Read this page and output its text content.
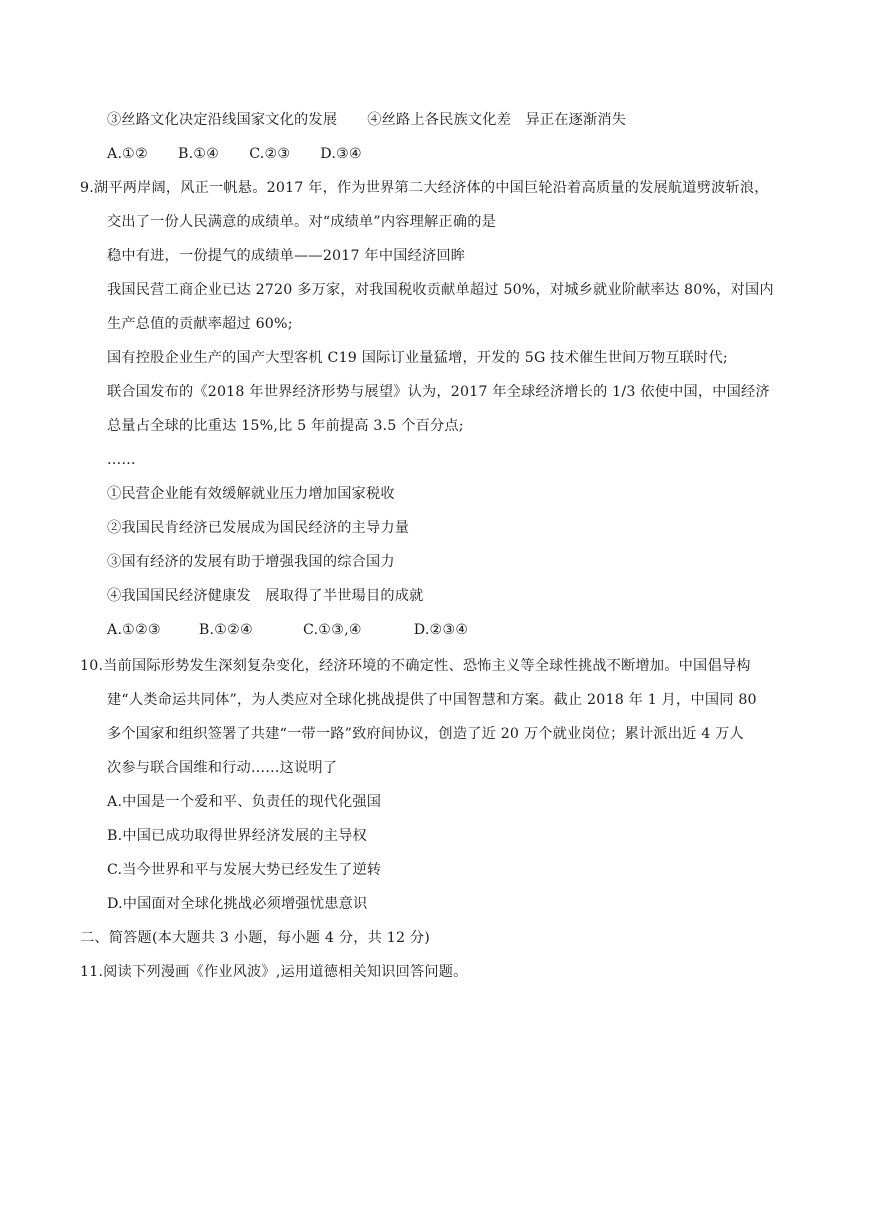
③丝路文化决定沿线国家文化的发展 ④丝路上各民族文化差　异正在逐渐消失
A.①② B.①④ C.②③ D.③④
9.湖平两岸阔，风正一帆悬。2017 年，作为世界第二大经济体的中国巨轮沿着高质量的发展航道劈波斩浪，
交出了一份人民满意的成绩单。对“成绩单”内容理解正确的是
稳中有进，一份提气的成绩单——2017 年中国经济回眸
我国民营工商企业已达 2720 多万家，对我国税收贡献单超过 50%，对城乡就业阶献率达 80%，对国内
生产总值的贡献率超过 60%;
国有控股企业生产的国产大型客机 C19 国际订业量猛增，开发的 5G 技术催生世间万物互联时代;
联合国发布的《2018 年世界经济形势与展望》认为，2017 年全球经济增长的 1/3 依使中国，中国经济
总量占全球的比重达 15%,比 5 年前提高 3.5 个百分点;
……
①民营企业能有效缓解就业压力增加国家税收
②我国民肯经济已发展成为国民经济的主导力量
③国有经济的发展有助于增强我国的综合国力
④我国国民经济健康发　展取得了半世瑒目的成就
A.①②③	B.①②④	C.①③,④	D.②③④
10.当前国际形势发生深刻复杂变化，经济环境的不确定性、恐怖主义等全球性挑战不断增加。中国倡导构
建“人类命运共同体”，为人类应对全球化挑战提供了中国智慧和方案。截止 2018 年 1 月，中国同 80
多个国家和组织签署了共建“一带一路”致府间协议，创造了近 20 万个就业岗位；累计派出近 4 万人
次参与联合国维和行动……这说明了
A.中国是一个爱和平、负责任的现代化强国
B.中国已成功取得世界经济发展的主导权
C.当今世界和平与发展大势已经发生了逆转
D.中国面对全球化挑战必须增强忧患意识
二、简答题(本大题共 3 小题，每小题 4 分，共 12 分)
11.阅读下列漫画《作业风波》,运用道德相关知识回答问题。
